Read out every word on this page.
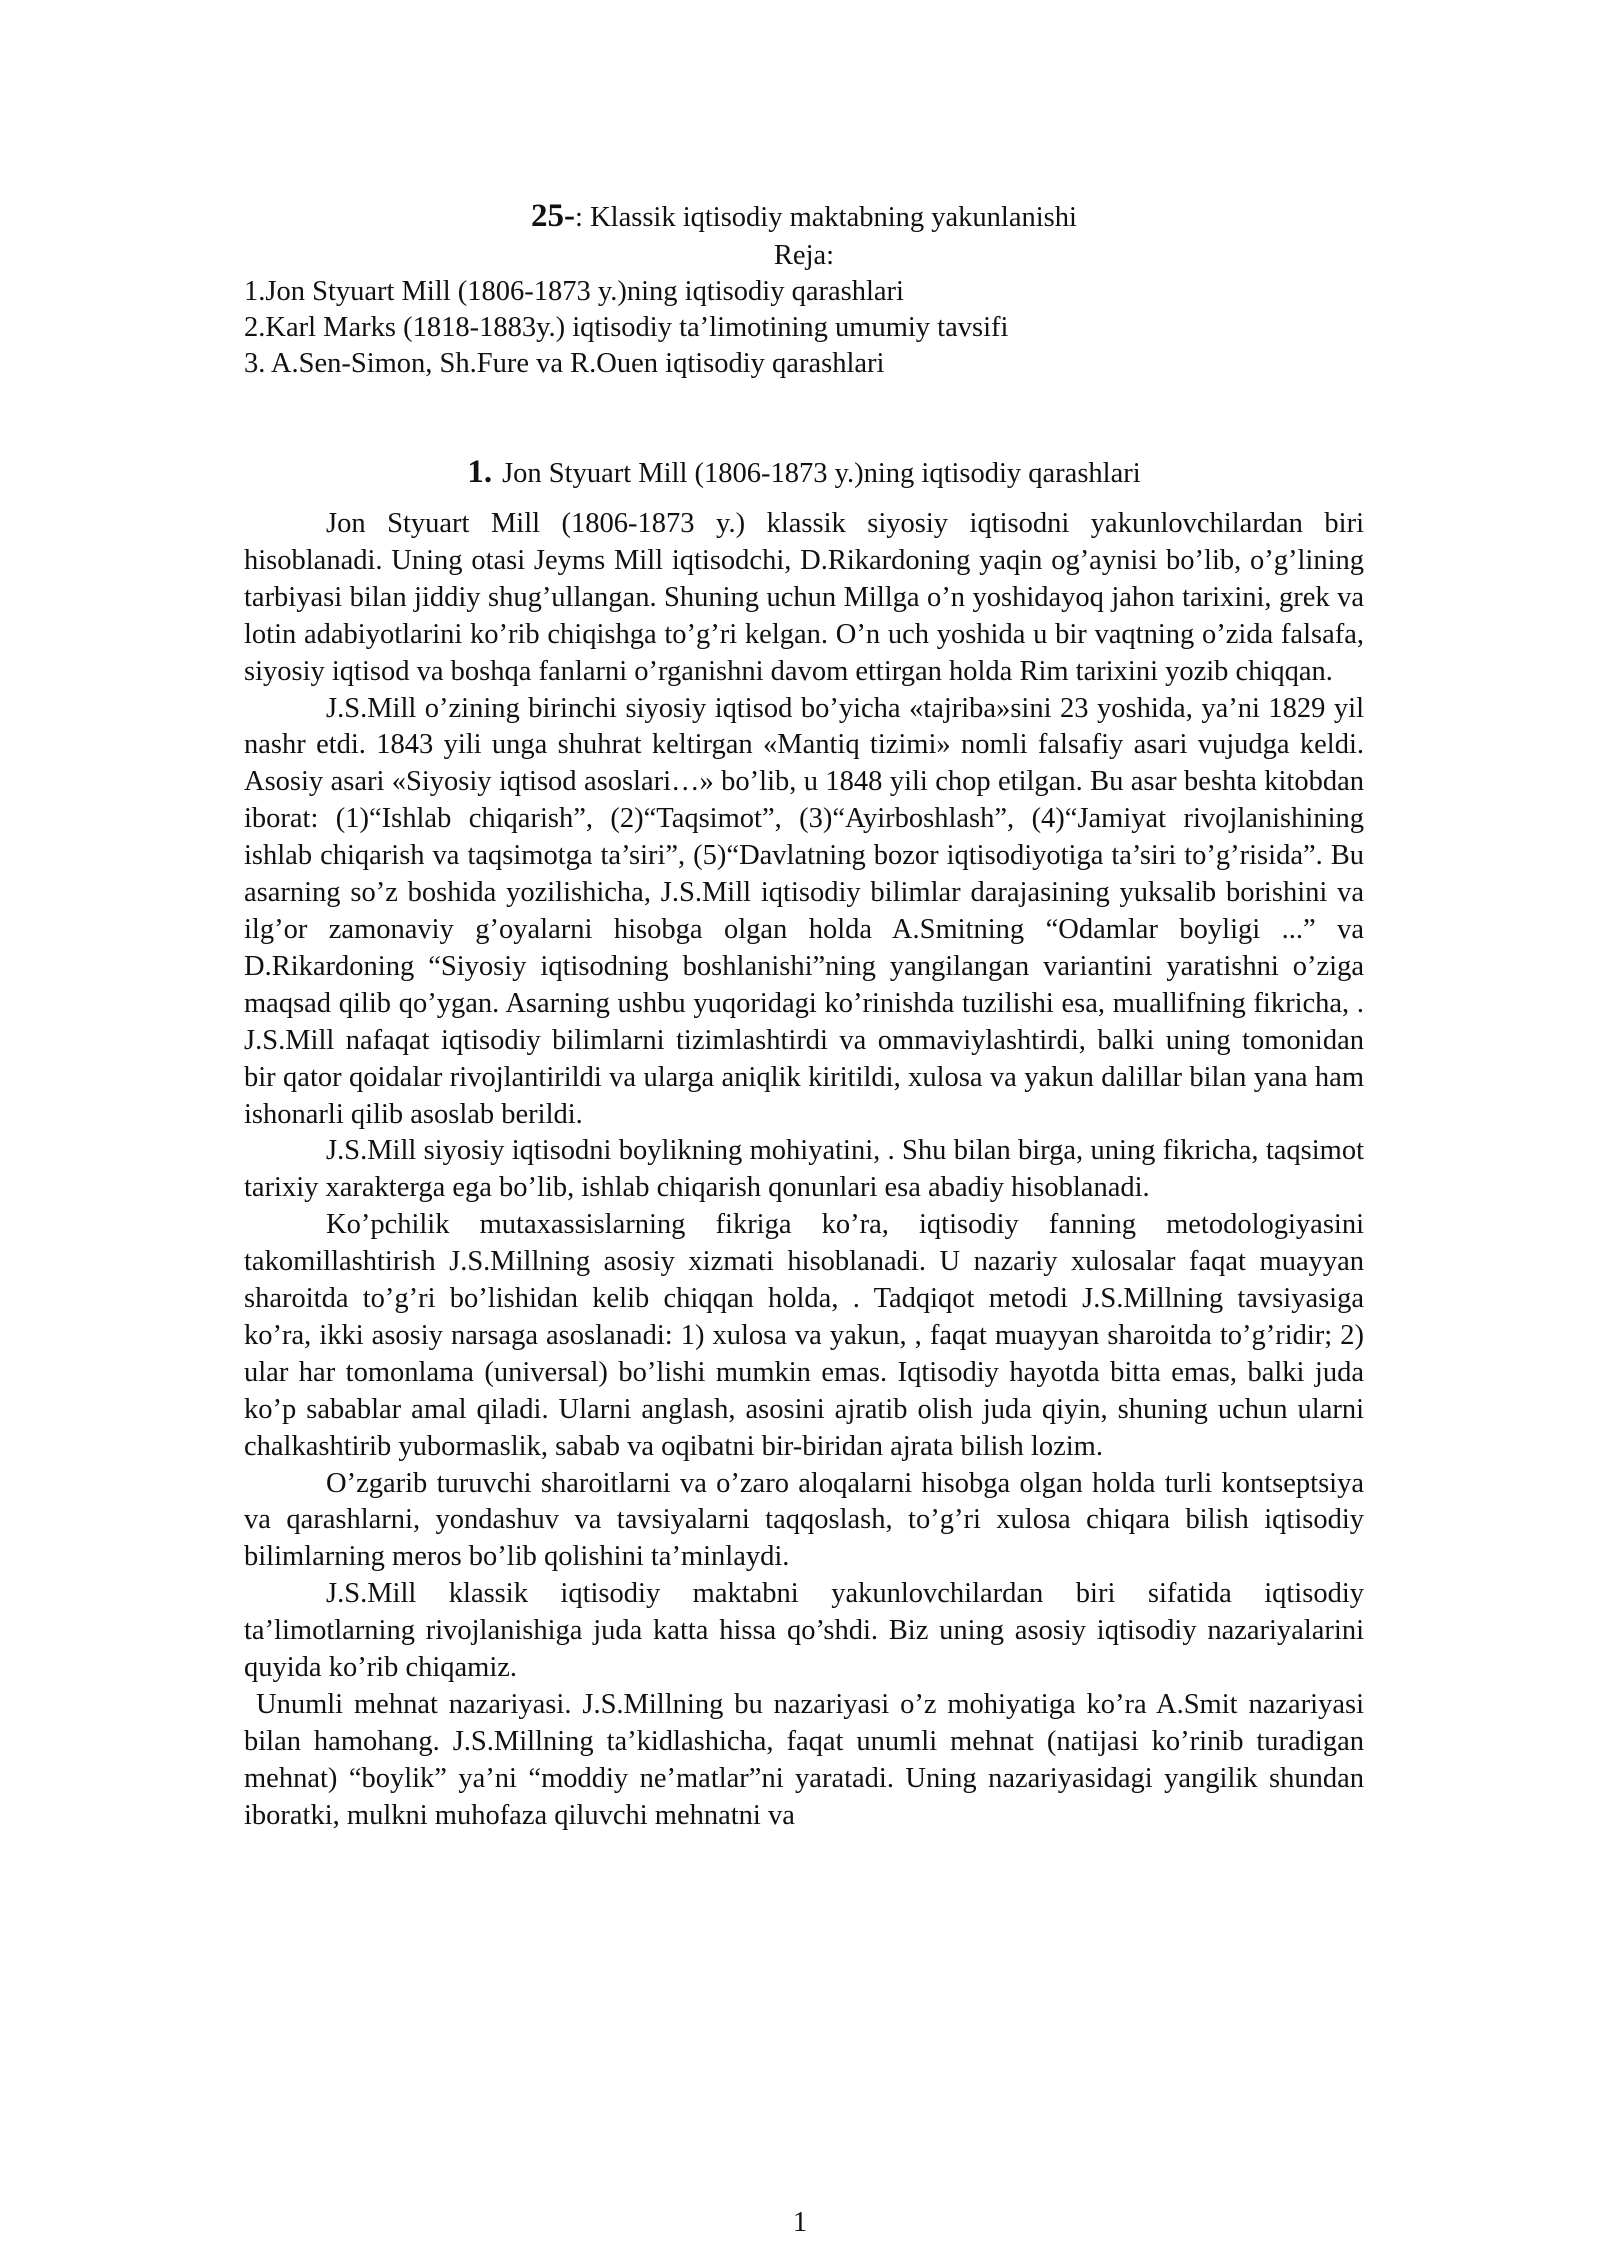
25-: Klassik iqtisodiy maktabning yakunlanishi

Reja:

1.Jon Styuart Mill (1806-1873 y.)ning iqtisodiy qarashlari
2.Karl Marks (1818-1883y.) iqtisodiy ta’limotining umumiy tavsifi
3. A.Sen-Simon, Sh.Fure va R.Ouen iqtisodiy qarashlari
1. Jon Styuart Mill (1806-1873 y.)ning iqtisodiy qarashlari

Jon Styuart Mill (1806-1873 y.) klassik siyosiy iqtisodni yakunlovchilardan biri hisoblanadi. Uning otasi Jeyms Mill iqtisodchi, D.Rikardoning yaqin og’aynisi bo’lib, o’g’lining tarbiyasi bilan jiddiy shug’ullangan. Shuning uchun Millga o’n yoshidayoq jahon tarixini, grek va lotin adabiyotlarini ko’rib chiqishga to’g’ri kelgan. O’n uch yoshida u bir vaqtning o’zida falsafa, siyosiy iqtisod va boshqa fanlarni o’rganishni davom ettirgan holda Rim tarixini yozib chiqqan.

J.S.Mill o’zining birinchi siyosiy iqtisod bo’yicha «tajriba»sini 23 yoshida, ya’ni 1829 yil nashr etdi. 1843 yili unga shuhrat keltirgan «Mantiq tizimi» nomli falsafiy asari vujudga keldi. Asosiy asari «Siyosiy iqtisod asoslari…» bo’lib, u 1848 yili chop etilgan. Bu asar beshta kitobdan iborat: (1)“Ishlab chiqarish”, (2)“Taqsimot”, (3)“Ayirboshlash”, (4)“Jamiyat rivojlanishining ishlab chiqarish va taqsimotga ta’siri”, (5)“Davlatning bozor iqtisodiyotiga ta’siri to’g’risida”. Bu asarning so’z boshida yozilishicha, J.S.Mill iqtisodiy bilimlar darajasining yuksalib borishini va ilg’or zamonaviy g’oyalarni hisobga olgan holda A.Smitning “Odamlar boyligi ...” va D.Rikardoning “Siyosiy iqtisodning boshlanishi”ning yangilangan variantini yaratishni o’ziga maqsad qilib qo’ygan. Asarning ushbu yuqoridagi ko’rinishda tuzilishi esa, muallifning fikricha, . J.S.Mill nafaqat iqtisodiy bilimlarni tizimlashtirdi va ommaviylashtirdi, balki uning tomonidan bir qator qoidalar rivojlantirildi va ularga aniqlik kiritildi, xulosa va yakun dalillar bilan yana ham ishonarli qilib asoslab berildi.

J.S.Mill siyosiy iqtisodni boylikning mohiyatini, . Shu bilan birga, uning fikricha, taqsimot tarixiy xarakterga ega bo’lib, ishlab chiqarish qonunlari esa abadiy hisoblanadi.

Ko’pchilik mutaxassislarning fikriga ko’ra, iqtisodiy fanning metodologiyasini takomillashtirish J.S.Millning asosiy xizmati hisoblanadi. U nazariy xulosalar faqat muayyan sharoitda to’g’ri bo’lishidan kelib chiqqan holda, . Tadqiqot metodi J.S.Millning tavsiyasiga ko’ra, ikki asosiy narsaga asoslanadi: 1) xulosa va yakun, , faqat muayyan sharoitda to’g’ridir; 2) ular har tomonlama (universal) bo’lishi mumkin emas. Iqtisodiy hayotda bitta emas, balki juda ko’p sabablar amal qiladi. Ularni anglash, asosini ajratib olish juda qiyin, shuning uchun ularni chalkashtirib yubormaslik, sabab va oqibatni bir-biridan ajrata bilish lozim.

O’zgarib turuvchi sharoitlarni va o’zaro aloqalarni hisobga olgan holda turli kontseptsiya va qarashlarni, yondashuv va tavsiyalarni taqqoslash, to’g’ri xulosa chiqara bilish iqtisodiy bilimlarning meros bo’lib qolishini ta’minlaydi.

J.S.Mill klassik iqtisodiy maktabni yakunlovchilardan biri sifatida iqtisodiy ta’limotlarning rivojlanishiga juda katta hissa qo’shdi. Biz uning asosiy iqtisodiy nazariyalarini quyida ko’rib chiqamiz.

Unumli mehnat nazariyasi. J.S.Millning bu nazariyasi o’z mohiyatiga ko’ra A.Smit nazariyasi bilan hamohang. J.S.Millning ta’kidlashicha, faqat unumli mehnat (natijasi ko’rinib turadigan mehnat) “boylik” ya’ni “moddiy ne’matlar”ni yaratadi. Uning nazariyasidagi yangilik shundan iboratki, mulkni muhofaza qiluvchi mehnatni va

1
